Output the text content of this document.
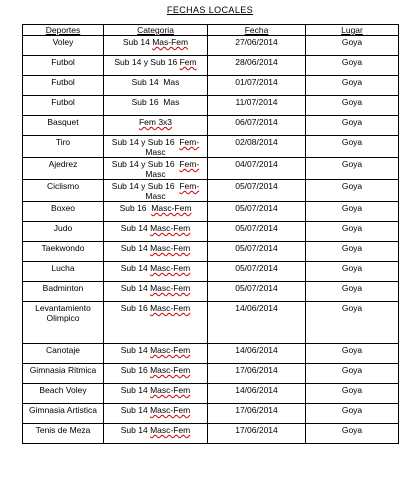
FECHAS LOCALES
Deportes	Categoria	Fecha	Lugar
Voley	Sub 14 Mas-Fem	27/06/2014	Goya
Futbol	Sub 14 y Sub 16 Fem	28/06/2014	Goya
Futbol	Sub 14  Mas	01/07/2014	Goya
Futbol	Sub 16  Mas	11/07/2014	Goya
Basquet	Fem 3x3	06/07/2014	Goya
Tiro	Sub 14 y Sub 16  Fem-Masc	02/08/2014	Goya
Ajedrez	Sub 14 y Sub 16  Fem-Masc	04/07/2014	Goya
Ciclismo	Sub 14 y Sub 16  Fem-Masc	05/07/2014	Goya
Boxeo	Sub 16  Masc-Fem	05/07/2014	Goya
Judo	Sub 14 Masc-Fem	05/07/2014	Goya
Taekwondo	Sub 14 Masc-Fem	05/07/2014	Goya
Lucha	Sub 14 Masc-Fem	05/07/2014	Goya
Badminton	Sub 14 Masc-Fem	05/07/2014	Goya
Levantamiento Olimpico	Sub 16 Masc-Fem	14/06/2014	Goya
Canotaje	Sub 14 Masc-Fem	14/06/2014	Goya
Gimnasia Ritmica	Sub 16 Masc-Fem	17/06/2014	Goya
Beach Voley	Sub 14 Masc-Fem	14/06/2014	Goya
Gimnasia Artistica	Sub 14 Masc-Fem	17/06/2014	Goya
Tenis de Meza	Sub 14 Masc-Fem	17/06/2014	Goya
